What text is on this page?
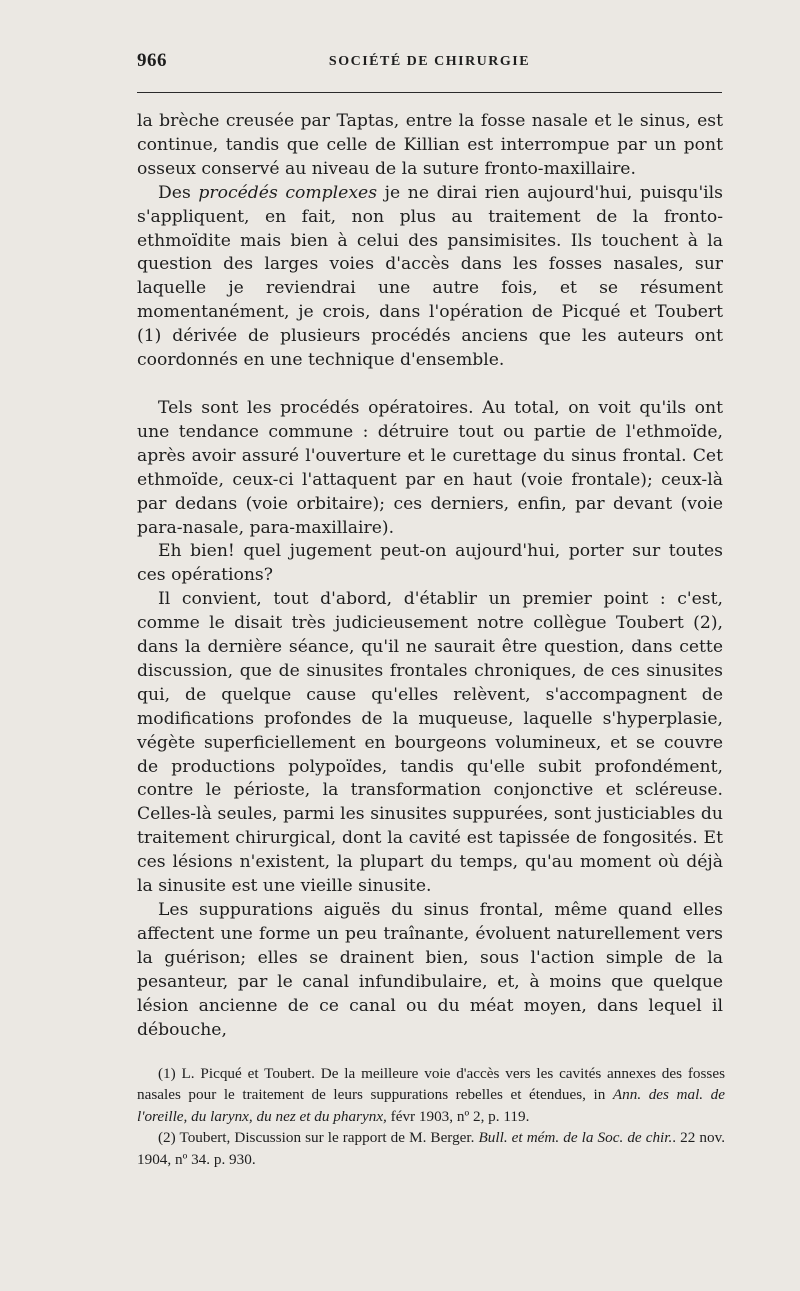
966	SOCIÉTÉ DE CHIRURGIE

la brèche creusée par Taptas, entre la fosse nasale et le sinus, est continue, tandis que celle de Killian est interrompue par un pont osseux conservé au niveau de la suture fronto-maxillaire.

Des procédés complexes je ne dirai rien aujourd'hui, puisqu'ils s'appliquent, en fait, non plus au traitement de la fronto-ethmoïdite mais bien à celui des pansimisites. Ils touchent à la question des larges voies d'accès dans les fosses nasales, sur laquelle je reviendrai une autre fois, et se résument momentanément, je crois, dans l'opération de Picqué et Toubert (1) dérivée de plusieurs procédés anciens que les auteurs ont coordonnés en une technique d'ensemble.

Tels sont les procédés opératoires. Au total, on voit qu'ils ont une tendance commune : détruire tout ou partie de l'ethmoïde, après avoir assuré l'ouverture et le curettage du sinus frontal. Cet ethmoïde, ceux-ci l'attaquent par en haut (voie frontale); ceux-là par dedans (voie orbitaire); ces derniers, enfin, par devant (voie para-nasale, para-maxillaire).

Eh bien! quel jugement peut-on aujourd'hui, porter sur toutes ces opérations?

Il convient, tout d'abord, d'établir un premier point : c'est, comme le disait très judicieusement notre collègue Toubert (2), dans la dernière séance, qu'il ne saurait être question, dans cette discussion, que de sinusites frontales chroniques, de ces sinusites qui, de quelque cause qu'elles relèvent, s'accompagnent de modifications profondes de la muqueuse, laquelle s'hyperplasie, végète superficiellement en bourgeons volumineux, et se couvre de productions polypoïdes, tandis qu'elle subit profondément, contre le périoste, la transformation conjonctive et scléreuse. Celles-là seules, parmi les sinusites suppurées, sont justiciables du traitement chirurgical, dont la cavité est tapissée de fongosités. Et ces lésions n'existent, la plupart du temps, qu'au moment où déjà la sinusite est une vieille sinusite.

Les suppurations aiguës du sinus frontal, même quand elles affectent une forme un peu traînante, évoluent naturellement vers la guérison; elles se drainent bien, sous l'action simple de la pesanteur, par le canal infundibulaire, et, à moins que quelque lésion ancienne de ce canal ou du méat moyen, dans lequel il débouche,

(1) L. Picqué et Toubert. De la meilleure voie d'accès vers les cavités annexes des fosses nasales pour le traitement de leurs suppurations rebelles et étendues, in Ann. des mal. de l'oreille, du larynx, du nez et du pharynx, févr 1903, nº 2, p. 119.

(2) Toubert, Discussion sur le rapport de M. Berger. Bull. et mém. de la Soc. de chir.. 22 nov. 1904, nº 34. p. 930.
